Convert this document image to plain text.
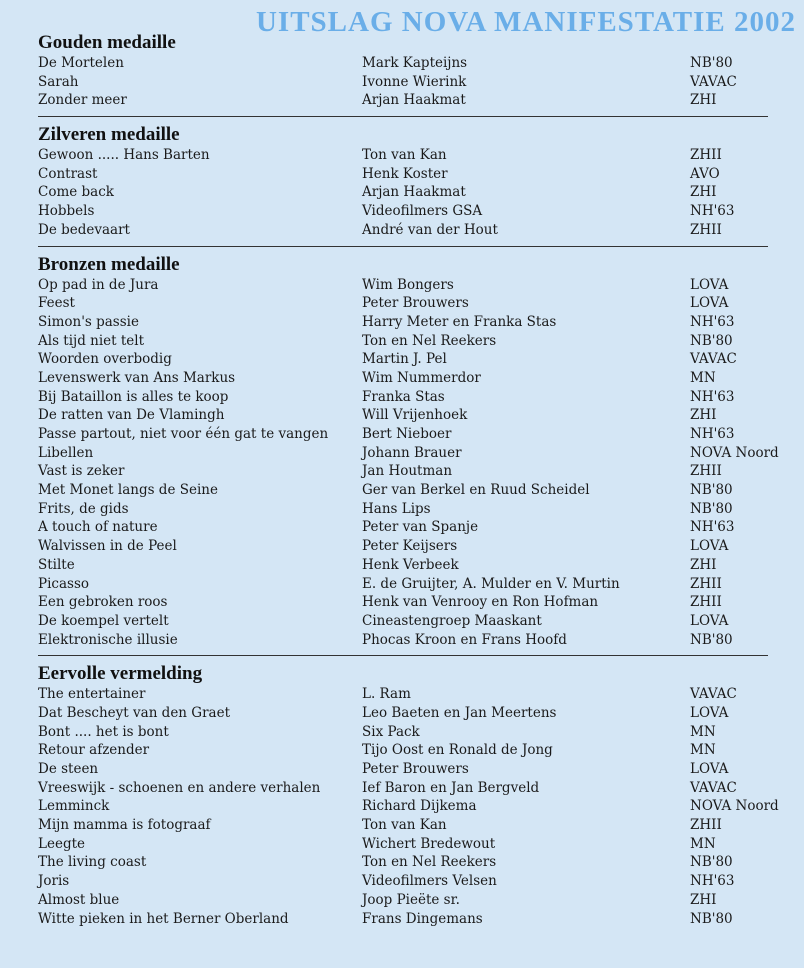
UITSLAG NOVA MANIFESTATIE 2002
Gouden medaille
De Mortelen	Mark Kapteijns	NB'80
Sarah	Ivonne Wierink	VAVAC
Zonder meer	Arjan Haakmat	ZHI
Zilveren medaille
Gewoon ..... Hans Barten	Ton van Kan	ZHII
Contrast	Henk Koster	AVO
Come back	Arjan Haakmat	ZHI
Hobbels	Videofilmers GSA	NH'63
De bedevaart	André van der Hout	ZHII
Bronzen medaille
Op pad in de Jura	Wim Bongers	LOVA
Feest	Peter Brouwers	LOVA
Simon's passie	Harry Meter en Franka Stas	NH'63
Als tijd niet telt	Ton en Nel Reekers	NB'80
Woorden overbodig	Martin J. Pel	VAVAC
Levenswerk van Ans Markus	Wim Nummerdor	MN
Bij Bataillon is alles te koop	Franka Stas	NH'63
De ratten van De Vlamingh	Will Vrijenhoek	ZHI
Passe partout, niet voor één gat te vangen	Bert Nieboer	NH'63
Libellen	Johann Brauer	NOVA Noord
Vast is zeker	Jan Houtman	ZHII
Met Monet langs de Seine	Ger van Berkel en Ruud Scheidel	NB'80
Frits, de gids	Hans Lips	NB'80
A touch of nature	Peter van Spanje	NH'63
Walvissen in de Peel	Peter Keijsers	LOVA
Stilte	Henk Verbeek	ZHI
Picasso	E. de Gruijter, A. Mulder en V. Murtin	ZHII
Een gebroken roos	Henk van Venrooy en Ron Hofman	ZHII
De koempel vertelt	Cineastengroep Maaskant	LOVA
Elektronische illusie	Phocas Kroon en Frans Hoofd	NB'80
Eervolle vermelding
The entertainer	L. Ram	VAVAC
Dat Bescheyt van den Graet	Leo Baeten en Jan Meertens	LOVA
Bont .... het is bont	Six Pack	MN
Retour afzender	Tijo Oost en Ronald de Jong	MN
De steen	Peter Brouwers	LOVA
Vreeswijk - schoenen en andere verhalen	Ief Baron en Jan Bergveld	VAVAC
Lemminck	Richard Dijkema	NOVA Noord
Mijn mamma is fotograaf	Ton van Kan	ZHII
Leegte	Wichert Bredewout	MN
The living coast	Ton en Nel Reekers	NB'80
Joris	Videofilmers Velsen	NH'63
Almost blue	Joop Pieëte sr.	ZHI
Witte pieken in het Berner Oberland	Frans Dingemans	NB'80
